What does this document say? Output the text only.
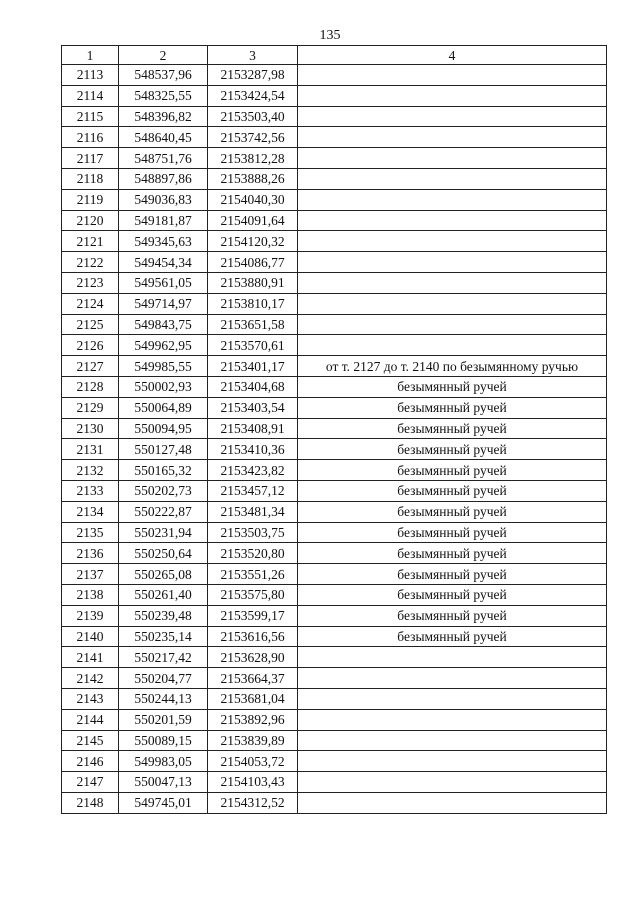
135
1	2	3	4
2113	548537,96	2153287,98	
2114	548325,55	2153424,54	
2115	548396,82	2153503,40	
2116	548640,45	2153742,56	
2117	548751,76	2153812,28	
2118	548897,86	2153888,26	
2119	549036,83	2154040,30	
2120	549181,87	2154091,64	
2121	549345,63	2154120,32	
2122	549454,34	2154086,77	
2123	549561,05	2153880,91	
2124	549714,97	2153810,17	
2125	549843,75	2153651,58	
2126	549962,95	2153570,61	
2127	549985,55	2153401,17	от т. 2127 до т. 2140 по безымянному ручью
2128	550002,93	2153404,68	безымянный ручей
2129	550064,89	2153403,54	безымянный ручей
2130	550094,95	2153408,91	безымянный ручей
2131	550127,48	2153410,36	безымянный ручей
2132	550165,32	2153423,82	безымянный ручей
2133	550202,73	2153457,12	безымянный ручей
2134	550222,87	2153481,34	безымянный ручей
2135	550231,94	2153503,75	безымянный ручей
2136	550250,64	2153520,80	безымянный ручей
2137	550265,08	2153551,26	безымянный ручей
2138	550261,40	2153575,80	безымянный ручей
2139	550239,48	2153599,17	безымянный ручей
2140	550235,14	2153616,56	безымянный ручей
2141	550217,42	2153628,90	
2142	550204,77	2153664,37	
2143	550244,13	2153681,04	
2144	550201,59	2153892,96	
2145	550089,15	2153839,89	
2146	549983,05	2154053,72	
2147	550047,13	2154103,43	
2148	549745,01	2154312,52	
